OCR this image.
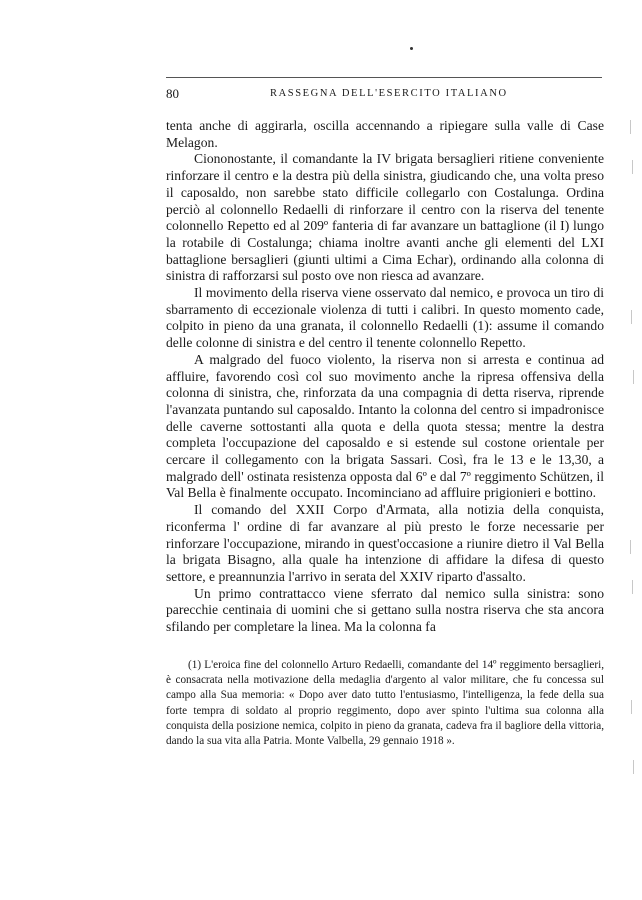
80	RASSEGNA DELL'ESERCITO ITALIANO

tenta anche di aggirarla, oscilla accennando a ripiegare sulla valle di Case Melagon.

Ciononostante, il comandante la IV brigata bersaglieri ritiene conveniente rinforzare il centro e la destra più della sinistra, giudicando che, una volta preso il caposaldo, non sarebbe stato difficile collegarlo con Costalunga. Ordina perciò al colonnello Redaelli di rinforzare il centro con la riserva del tenente colonnello Repetto ed al 209º fanteria di far avanzare un battaglione (il I) lungo la rotabile di Costalunga; chiama inoltre avanti anche gli elementi del LXI battaglione bersaglieri (giunti ultimi a Cima Echar), ordinando alla colonna di sinistra di rafforzarsi sul posto ove non riesca ad avanzare.

Il movimento della riserva viene osservato dal nemico, e provoca un tiro di sbarramento di eccezionale violenza di tutti i calibri. In questo momento cade, colpito in pieno da una granata, il colonnello Redaelli (1): assume il comando delle colonne di sinistra e del centro il tenente colonnello Repetto.

A malgrado del fuoco violento, la riserva non si arresta e continua ad affluire, favorendo così col suo movimento anche la ripresa offensiva della colonna di sinistra, che, rinforzata da una compagnia di detta riserva, riprende l'avanzata puntando sul caposaldo. Intanto la colonna del centro si impadronisce delle caverne sottostanti alla quota e della quota stessa; mentre la destra completa l'occupazione del caposaldo e si estende sul costone orientale per cercare il collegamento con la brigata Sassari. Così, fra le 13 e le 13,30, a malgrado dell' ostinata resistenza opposta dal 6º e dal 7º reggimento Schützen, il Val Bella è finalmente occupato. Incominciano ad affluire prigionieri e bottino.

Il comando del XXII Corpo d'Armata, alla notizia della conquista, riconferma l' ordine di far avanzare al più presto le forze necessarie per rinforzare l'occupazione, mirando in quest'occasione a riunire dietro il Val Bella la brigata Bisagno, alla quale ha intenzione di affidare la difesa di questo settore, e preannunzia l'arrivo in serata del XXIV riparto d'assalto.

Un primo contrattacco viene sferrato dal nemico sulla sinistra: sono parecchie centinaia di uomini che si gettano sulla nostra riserva che sta ancora sfilando per completare la linea. Ma la colonna fa

(1) L'eroica fine del colonnello Arturo Redaelli, comandante del 14º reggimento bersaglieri, è consacrata nella motivazione della medaglia d'argento al valor militare, che fu concessa sul campo alla Sua memoria: « Dopo aver dato tutto l'entusiasmo, l'intelligenza, la fede della sua forte tempra di soldato al proprio reggimento, dopo aver spinto l'ultima sua colonna alla conquista della posizione nemica, colpito in pieno da granata, cadeva fra il bagliore della vittoria, dando la sua vita alla Patria. Monte Valbella, 29 gennaio 1918 ».
